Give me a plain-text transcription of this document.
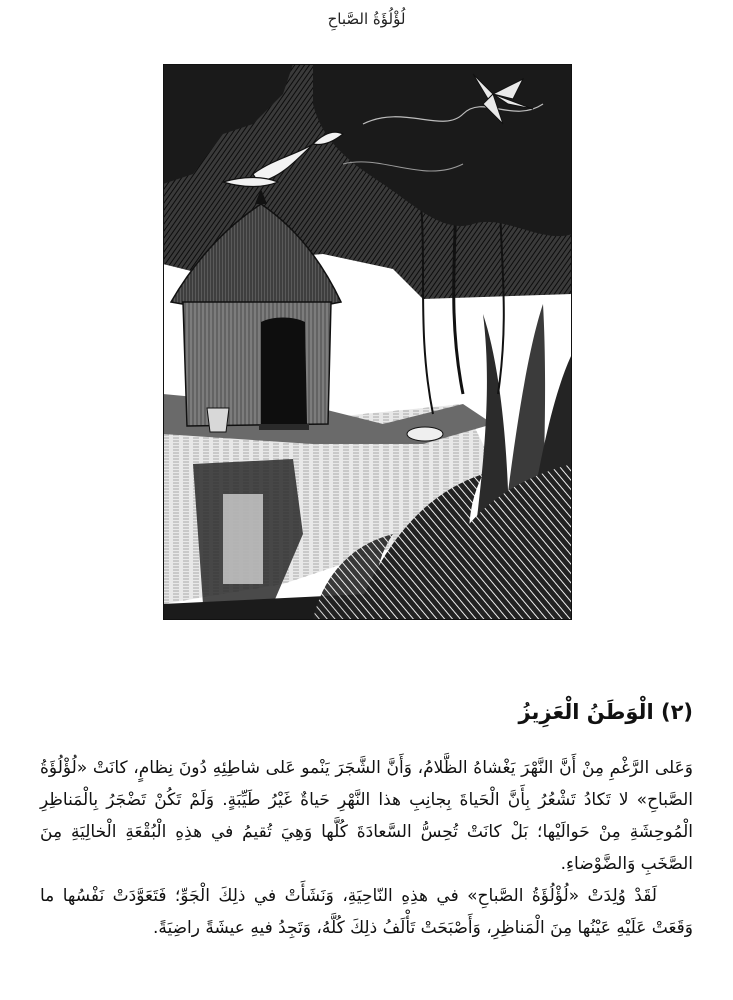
لُؤْلُؤَةُ الصَّباحِ
(٢) الْوَطَنُ الْعَزِيزُ

وَعَلى الرَّغْمِ مِنْ أَنَّ النَّهْرَ يَغْشاهُ الظَّلامُ، وَأَنَّ الشَّجَرَ يَنْمو عَلى شاطِئِهِ دُونَ نِظامٍ، كانَتْ «لُؤْلُؤَةُ الصَّباحِ» لا تَكادُ تَشْعُرُ بِأَنَّ الْحَياةَ بِجانِبِ هذا النَّهْرِ حَياةٌ غَيْرُ طَيِّبَةٍ. وَلَمْ تَكُنْ تَضْجَرُ بِالْمَناظِرِ الْمُوحِشَةِ مِنْ حَوالَيْها؛ بَلْ كانَتْ تُحِسُّ السَّعادَةَ كُلَّها وَهِيَ تُقيمُ في هذِهِ الْبُقْعَةِ الْخالِيَةِ مِنَ الصَّخَبِ وَالضَّوْضاءِ.

لَقَدْ وُلِدَتْ «لُؤْلُؤَةُ الصَّباحِ» في هذِهِ النّاحِيَةِ، وَنَشَأَتْ في ذلِكَ الْجَوِّ؛ فَتَعَوَّدَتْ نَفْسُها ما وَقَعَتْ عَلَيْهِ عَيْنُها مِنَ الْمَناظِرِ، وَأَصْبَحَتْ تَأْلَفُ ذلِكَ كُلَّهُ، وَتَجِدُ فيهِ عيشَةً راضِيَةً.
